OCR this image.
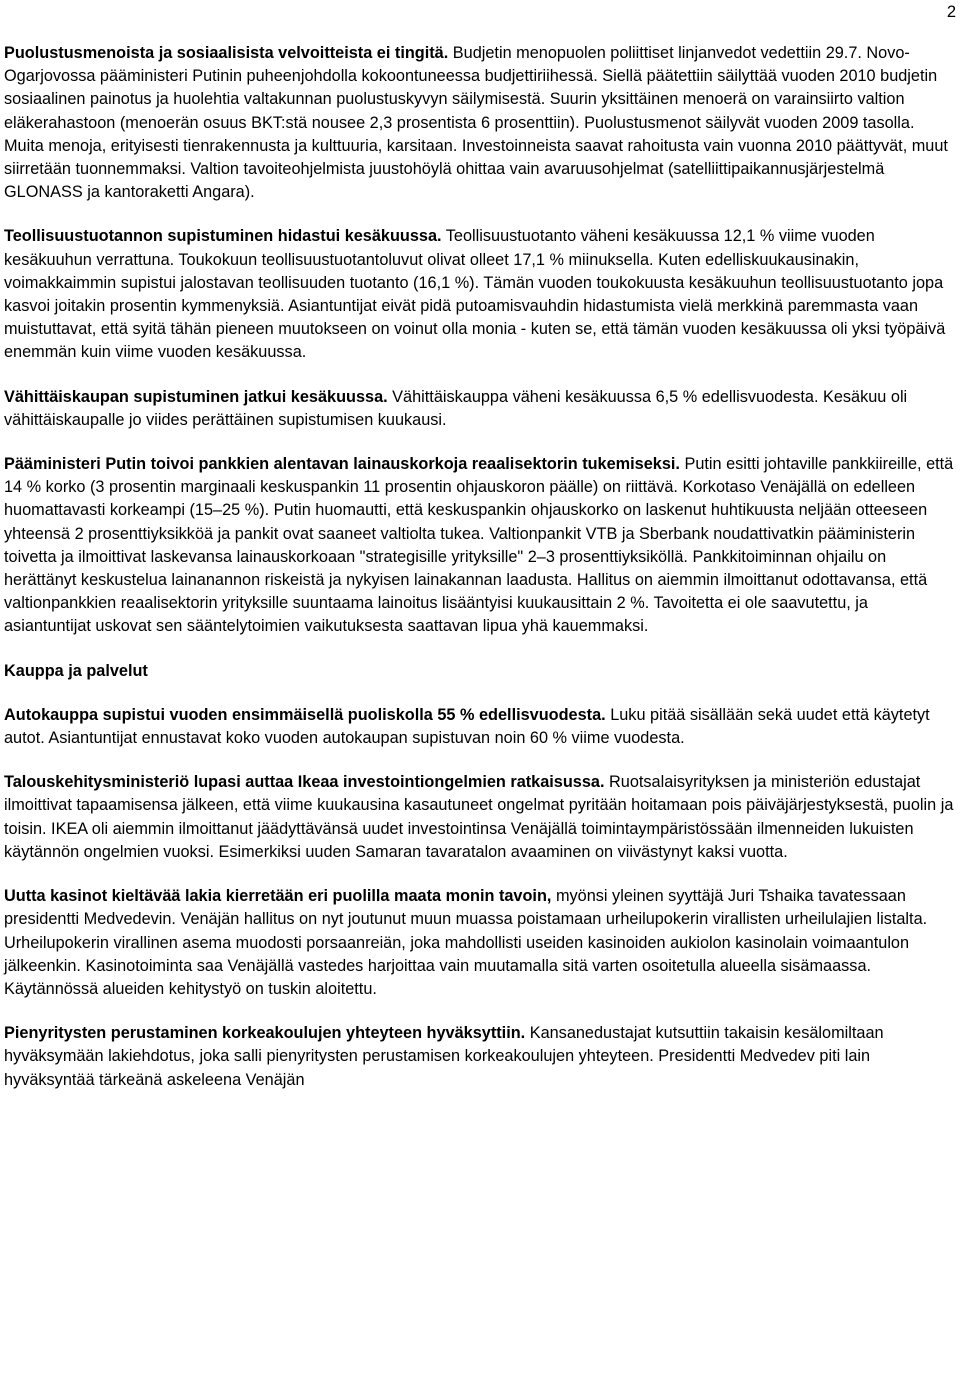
2

Puolustusmenoista ja sosiaalisista velvoitteista ei tingitä. Budjetin menopuolen poliittiset linjanvedot vedettiin 29.7. Novo-Ogarjovossa pääministeri Putinin puheenjohdolla kokoontuneessa budjettiriihessä. Siellä päätettiin säilyttää vuoden 2010 budjetin sosiaalinen painotus ja huolehtia valtakunnan puolustuskyvyn säilymisestä. Suurin yksittäinen menoerä on varainsiirto valtion eläkerahastoon (menoerän osuus BKT:stä nousee 2,3 prosentista 6 prosenttiin). Puolustusmenot säilyvät vuoden 2009 tasolla. Muita menoja, erityisesti tienrakennusta ja kulttuuria, karsitaan. Investoinneista saavat rahoitusta vain vuonna 2010 päättyvät, muut siirretään tuonnemmaksi. Valtion tavoiteohjelmista juustohöylä ohittaa vain avaruusohjelmat (satelliittipaikannusjärjestelmä GLONASS ja kantoraketti Angara).

Teollisuustuotannon supistuminen hidastui kesäkuussa. Teollisuustuotanto väheni kesäkuussa 12,1 % viime vuoden kesäkuuhun verrattuna. Toukokuun teollisuustuotantoluvut olivat olleet 17,1 % miinuksella. Kuten edelliskuukausinakin, voimakkaimmin supistui jalostavan teollisuuden tuotanto (16,1 %). Tämän vuoden toukokuusta kesäkuuhun teollisuustuotanto jopa kasvoi joitakin prosentin kymmenyksiä. Asiantuntijat eivät pidä putoamisvauhdin hidastumista vielä merkkinä paremmasta vaan muistuttavat, että syitä tähän pieneen muutokseen on voinut olla monia - kuten se, että tämän vuoden kesäkuussa oli yksi työpäivä enemmän kuin viime vuoden kesäkuussa.

Vähittäiskaupan supistuminen jatkui kesäkuussa. Vähittäiskauppa väheni kesäkuussa 6,5 % edellisvuodesta. Kesäkuu oli vähittäiskaupalle jo viides perättäinen supistumisen kuukausi.

Pääministeri Putin toivoi pankkien alentavan lainauskorkoja reaalisektorin tukemiseksi. Putin esitti johtaville pankkiireille, että 14 % korko (3 prosentin marginaali keskuspankin 11 prosentin ohjauskoron päälle) on riittävä. Korkotaso Venäjällä on edelleen huomattavasti korkeampi (15–25 %). Putin huomautti, että keskuspankin ohjauskorko on laskenut huhtikuusta neljään otteeseen yhteensä 2 prosenttiyksikköä ja pankit ovat saaneet valtiolta tukea. Valtionpankit VTB ja Sberbank noudattivatkin pääministerin toivetta ja ilmoittivat laskevansa lainauskorkoaan "strategisille yrityksille" 2–3 prosenttiyksiköllä. Pankkitoiminnan ohjailu on herättänyt keskustelua lainanannon riskeistä ja nykyisen lainakannan laadusta. Hallitus on aiemmin ilmoittanut odottavansa, että valtionpankkien reaalisektorin yrityksille suuntaama lainoitus lisääntyisi kuukausittain 2 %. Tavoitetta ei ole saavutettu, ja asiantuntijat uskovat sen sääntelytoimien vaikutuksesta saattavan lipua yhä kauemmaksi.

Kauppa ja palvelut

Autokauppa supistui vuoden ensimmäisellä puoliskolla 55 % edellisvuodesta. Luku pitää sisällään sekä uudet että käytetyt autot. Asiantuntijat ennustavat koko vuoden autokaupan supistuvan noin 60 % viime vuodesta.

Talouskehitysministeriö lupasi auttaa Ikeaa investointiongelmien ratkaisussa. Ruotsalaisyrityksen ja ministeriön edustajat ilmoittivat tapaamisensa jälkeen, että viime kuukausina kasautuneet ongelmat pyritään hoitamaan pois päiväjärjestyksestä, puolin ja toisin. IKEA oli aiemmin ilmoittanut jäädyttävänsä uudet investointinsa Venäjällä toimintaympäristössään ilmenneiden lukuisten käytännön ongelmien vuoksi. Esimerkiksi uuden Samaran tavaratalon avaaminen on viivästynyt kaksi vuotta.

Uutta kasinot kieltävää lakia kierretään eri puolilla maata monin tavoin, myönsi yleinen syyttäjä Juri Tshaika tavatessaan presidentti Medvedevin. Venäjän hallitus on nyt joutunut muun muassa poistamaan urheilupokerin virallisten urheilulajien listalta. Urheilupokerin virallinen asema muodosti porsaanreiän, joka mahdollisti useiden kasinoiden aukiolon kasinolain voimaantulon jälkeenkin. Kasinotoiminta saa Venäjällä vastedes harjoittaa vain muutamalla sitä varten osoitetulla alueella sisämaassa. Käytännössä alueiden kehitystyö on tuskin aloitettu.

Pienyritysten perustaminen korkeakoulujen yhteyteen hyväksyttiin. Kansanedustajat kutsuttiin takaisin kesälomiltaan hyväksymään lakiehdotus, joka salli pienyritysten perustamisen korkeakoulujen yhteyteen. Presidentti Medvedev piti lain hyväksyntää tärkeänä askeleena Venäjän
